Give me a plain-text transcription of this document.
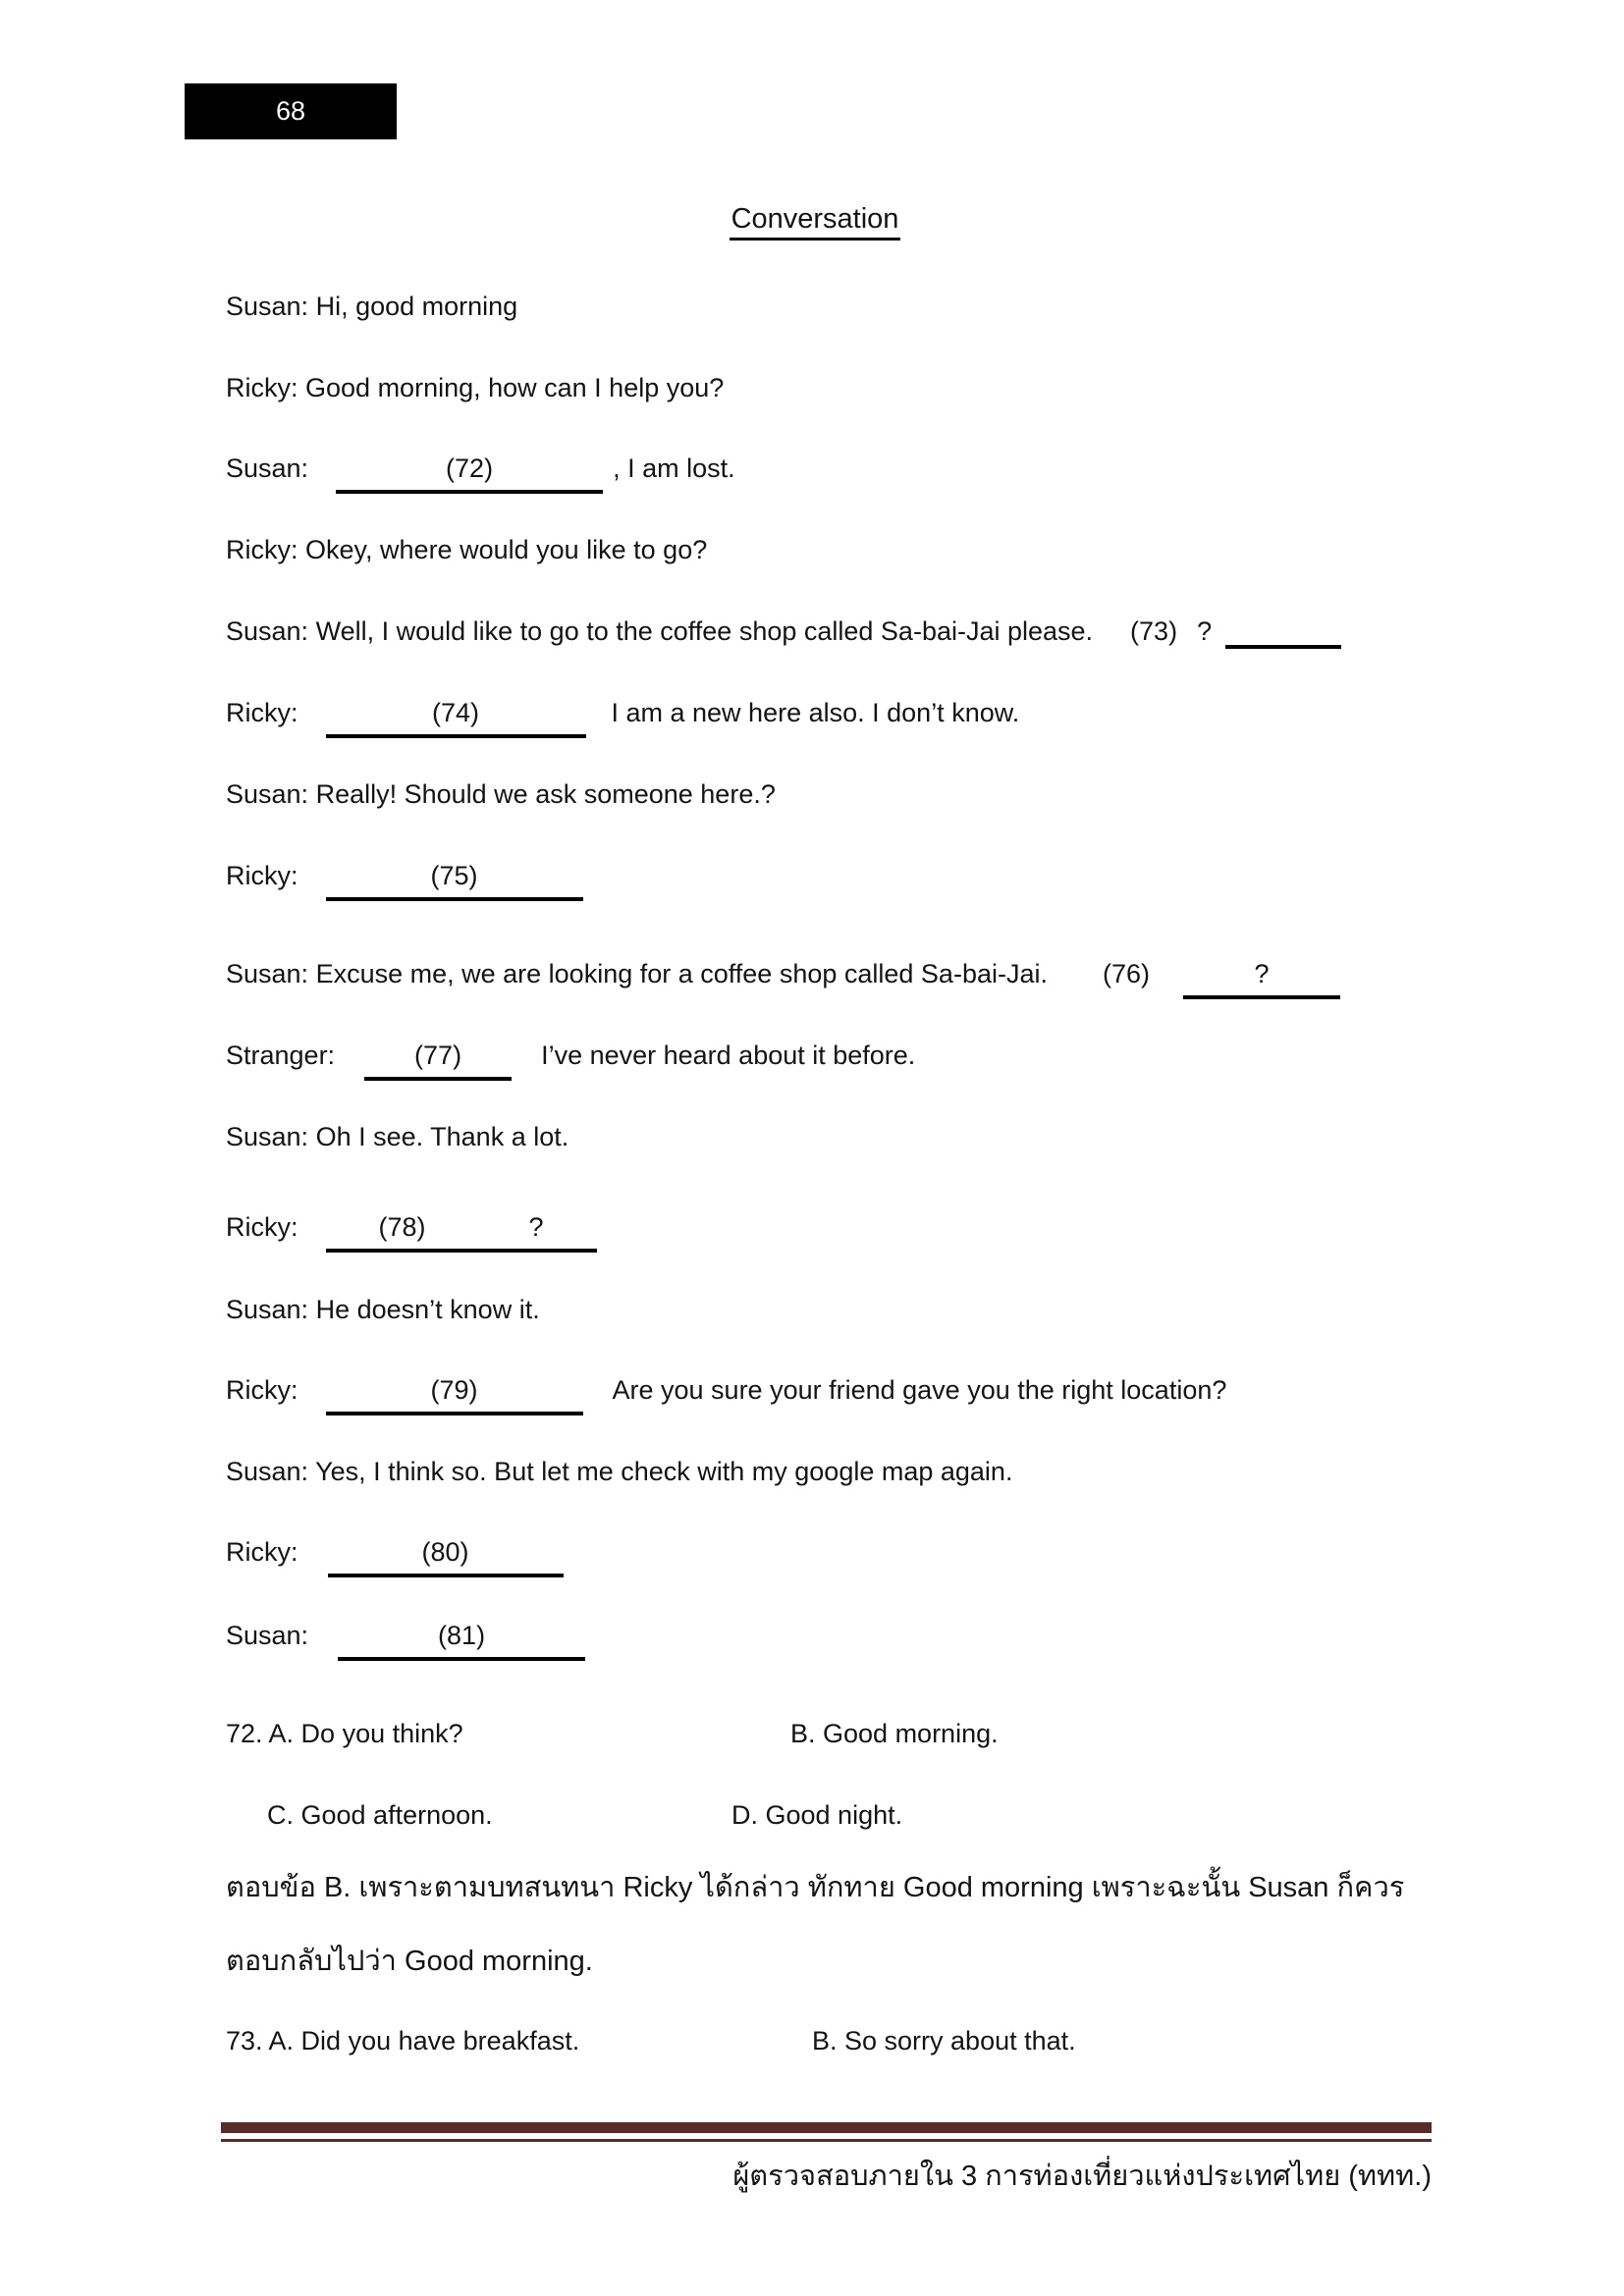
68
Conversation
Susan: Hi, good morning
Ricky: Good morning, how can I help you?
Susan:	(72)	, I am lost.
Ricky: Okey, where would you like to go?
Susan: Well, I would like to go to the coffee shop called Sa-bai-Jai please. (73) ?
Ricky:	(74)	I am a new here also. I don’t know.
Susan: Really! Should we ask someone here.?
Ricky:	(75)
Susan: Excuse me, we are looking for a coffee shop called Sa-bai-Jai. (76)	?
Stranger:	(77)	I’ve never heard about it before.
Susan: Oh I see. Thank a lot.
Ricky:	(78)	?
Susan: He doesn’t know it.
Ricky:	(79)	Are you sure your friend gave you the right location?
Susan: Yes, I think so. But let me check with my google map again.
Ricky:	(80)
Susan:	(81)
72. A. Do you think?	B. Good morning.
C. Good afternoon.	D. Good night.
ตอบข้อ B. เพราะตามบทสนทนา Ricky ได้กล่าว ทักทาย Good morning เพราะฉะนั้น Susan ก็ควร
ตอบกลับไปว่า Good morning.
73. A. Did you have breakfast.	B. So sorry about that.
ผู้ตรวจสอบภายใน 3 การท่องเที่ยวแห่งประเทศไทย (ททท.)
